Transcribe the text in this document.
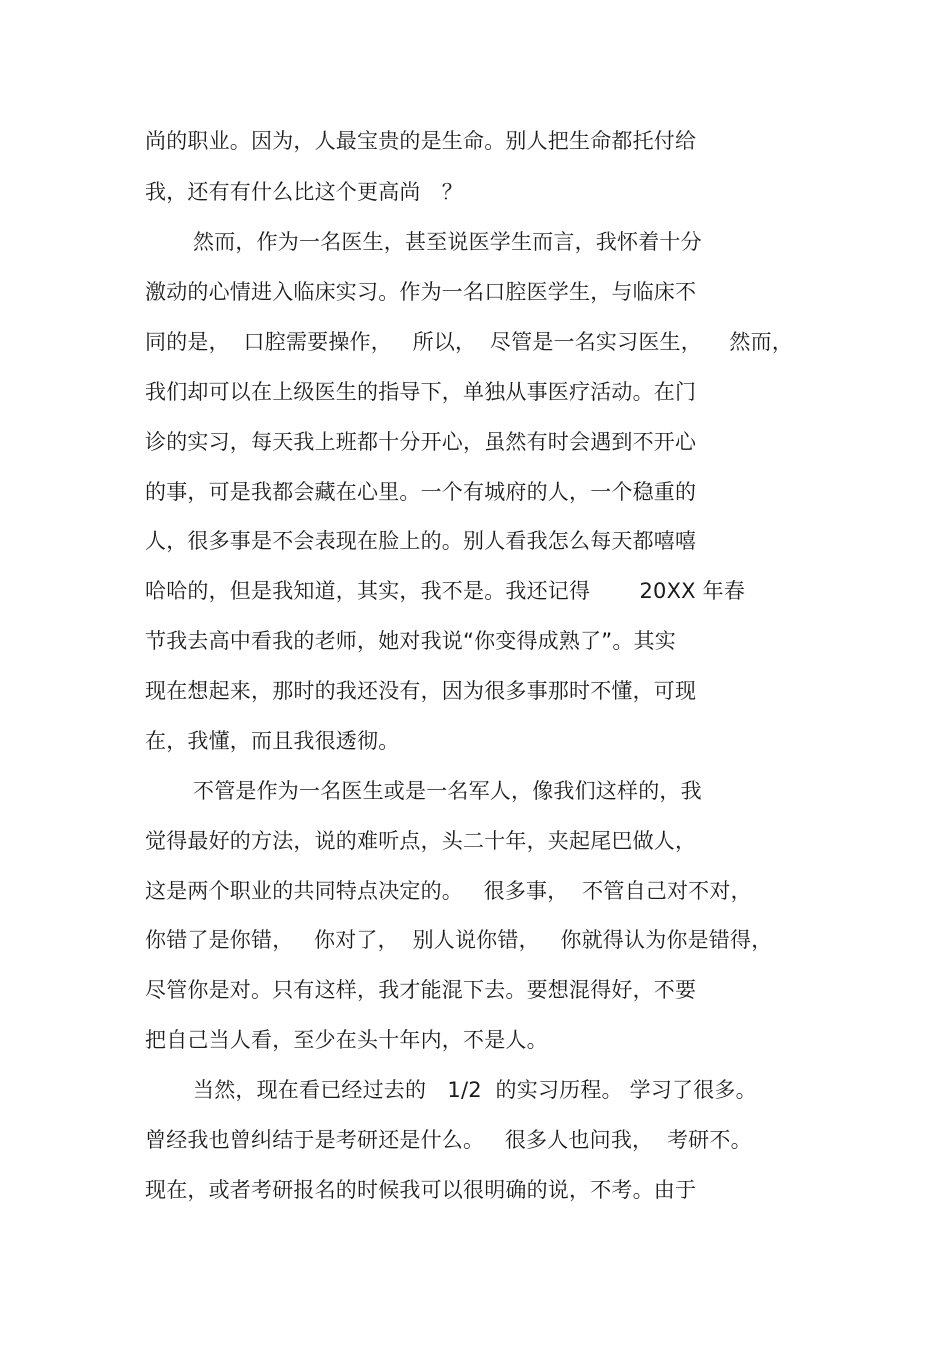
尚的职业。因为，人最宝贵的是生命。别人把生命都托付给
我，还有有什么比这个更高尚　？
然而，作为一名医生，甚至说医学生而言，我怀着十分
激动的心情进入临床实习。作为一名口腔医学生，与临床不
同的是，  口腔需要操作，   所以，  尽管是一名实习医生，    然而，
我们却可以在上级医生的指导下，单独从事医疗活动。在门
诊的实习，每天我上班都十分开心，虽然有时会遇到不开心
的事，可是我都会藏在心里。一个有城府的人，一个稳重的
人，很多事是不会表现在脸上的。别人看我怎么每天都嘻嘻
哈哈的，但是我知道，其实，我不是。我还记得　　 20XX 年春
节我去高中看我的老师，她对我说“你变得成熟了”。其实
现在想起来，那时的我还没有，因为很多事那时不懂，可现
在，我懂，而且我很透彻。
不管是作为一名医生或是一名军人，像我们这样的，我
觉得最好的方法，说的难听点，头二十年，夹起尾巴做人，
这是两个职业的共同特点决定的。   很多事，  不管自己对不对，
你错了是你错，   你对了，  别人说你错，   你就得认为你是错得，
尽管你是对。只有这样，我才能混下去。要想混得好，不要
把自己当人看，至少在头十年内，不是人。
当然，现在看已经过去的　1/2  的实习历程。 学习了很多。
曾经我也曾纠结于是考研还是什么。   很多人也问我，  考研不。
现在，或者考研报名的时候我可以很明确的说，不考。由于
